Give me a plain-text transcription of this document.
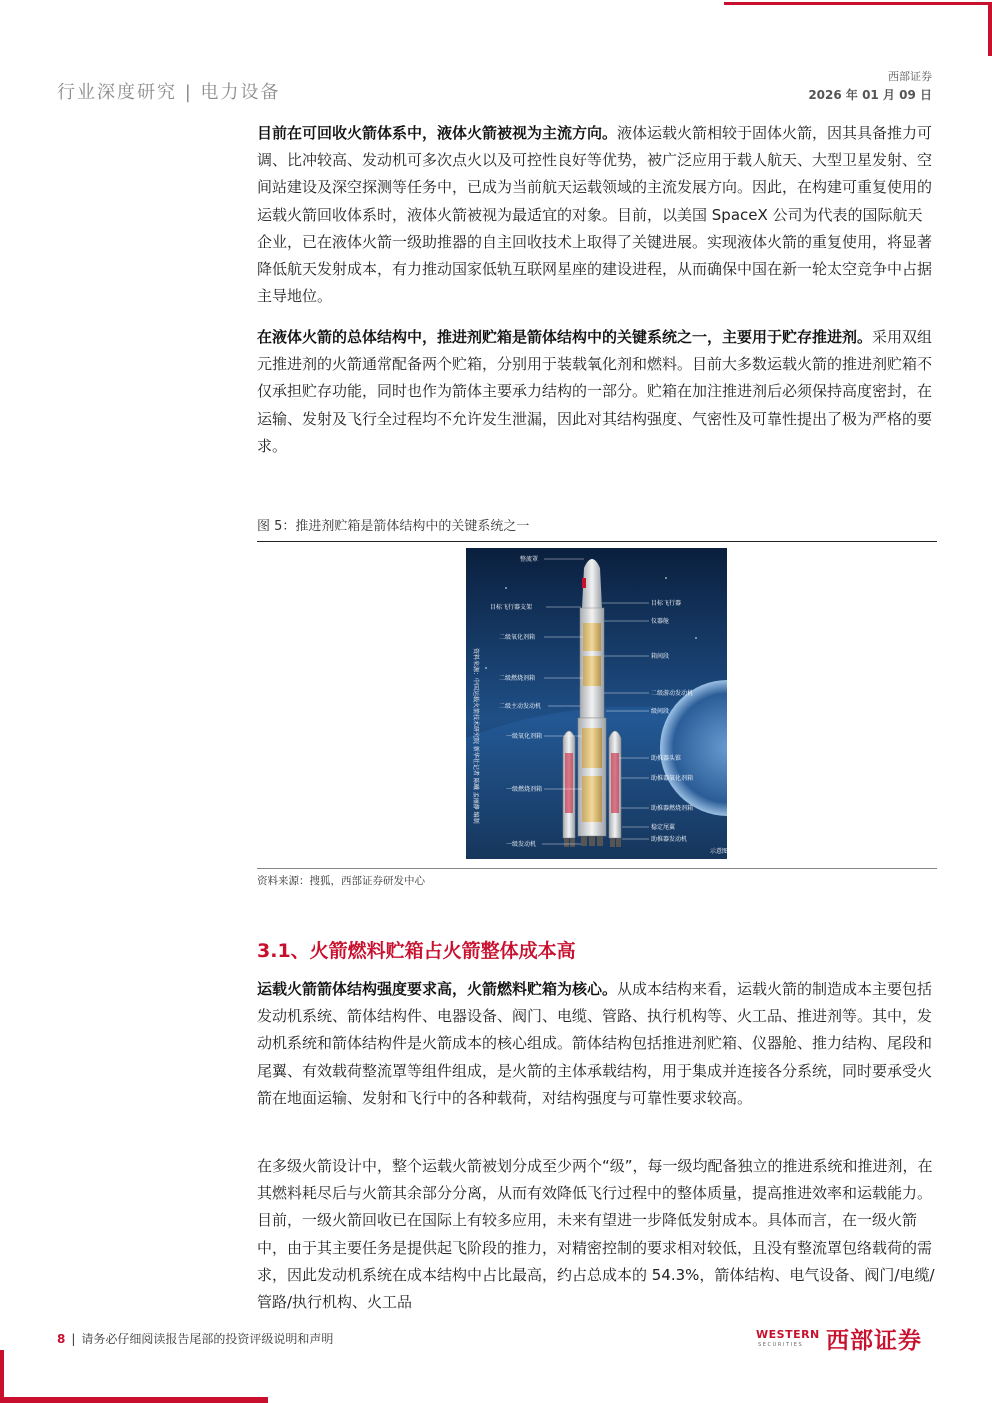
行业深度研究 | 电力设备
西部证券
2026 年 01 月 09 日

目前在可回收火箭体系中，液体火箭被视为主流方向。液体运载火箭相较于固体火箭，因其具备推力可调、比冲较高、发动机可多次点火以及可控性良好等优势，被广泛应用于载人航天、大型卫星发射、空间站建设及深空探测等任务中，已成为当前航天运载领域的主流发展方向。因此，在构建可重复使用的运载火箭回收体系时，液体火箭被视为最适宜的对象。目前，以美国 SpaceX 公司为代表的国际航天企业，已在液体火箭一级助推器的自主回收技术上取得了关键进展。实现液体火箭的重复使用，将显著降低航天发射成本，有力推动国家低轨互联网星座的建设进程，从而确保中国在新一轮太空竞争中占据主导地位。

在液体火箭的总体结构中，推进剂贮箱是箭体结构中的关键系统之一，主要用于贮存推进剂。采用双组元推进剂的火箭通常配备两个贮箱，分别用于装载氧化剂和燃料。目前大多数运载火箭的推进剂贮箱不仅承担贮存功能，同时也作为箭体主要承力结构的一部分。贮箱在加注推进剂后必须保持高度密封，在运输、发射及飞行全过程均不允许发生泄漏，因此对其结构强度、气密性及可靠性提出了极为严格的要求。

图 5：推进剂贮箱是箭体结构中的关键系统之一
整流罩
目标飞行器支架
二级氧化剂箱
二级燃烧剂箱
二级主动发动机
一级氧化剂箱
一级燃烧剂箱
一级发动机
目标飞行器
仪器舱
箱间段
二级游动发动机
级间段
助推器头锥
助推器氧化剂箱
助推器燃烧剂箱
稳定尾翼
助推器发动机
资料来源：中国运载火箭技术研究院 新华社记者 陈曦 孟丽静 编制
示意图
资料来源：搜狐，西部证券研发中心
3.1、火箭燃料贮箱占火箭整体成本高

运载火箭箭体结构强度要求高，火箭燃料贮箱为核心。从成本结构来看，运载火箭的制造成本主要包括发动机系统、箭体结构件、电器设备、阀门、电缆、管路、执行机构等、火工品、推进剂等。其中，发动机系统和箭体结构件是火箭成本的核心组成。箭体结构包括推进剂贮箱、仪器舱、推力结构、尾段和尾翼、有效载荷整流罩等组件组成，是火箭的主体承载结构，用于集成并连接各分系统，同时要承受火箭在地面运输、发射和飞行中的各种载荷，对结构强度与可靠性要求较高。

在多级火箭设计中，整个运载火箭被划分成至少两个“级”，每一级均配备独立的推进系统和推进剂，在其燃料耗尽后与火箭其余部分分离，从而有效降低飞行过程中的整体质量，提高推进效率和运载能力。目前，一级火箭回收已在国际上有较多应用，未来有望进一步降低发射成本。具体而言，在一级火箭中，由于其主要任务是提供起飞阶段的推力，对精密控制的要求相对较低，且没有整流罩包络载荷的需求，因此发动机系统在成本结构中占比最高，约占总成本的 54.3%，箭体结构、电气设备、阀门/电缆/管路/执行机构、火工品

8 | 请务必仔细阅读报告尾部的投资评级说明和声明	WESTERN
SECURITIES 西部证券
